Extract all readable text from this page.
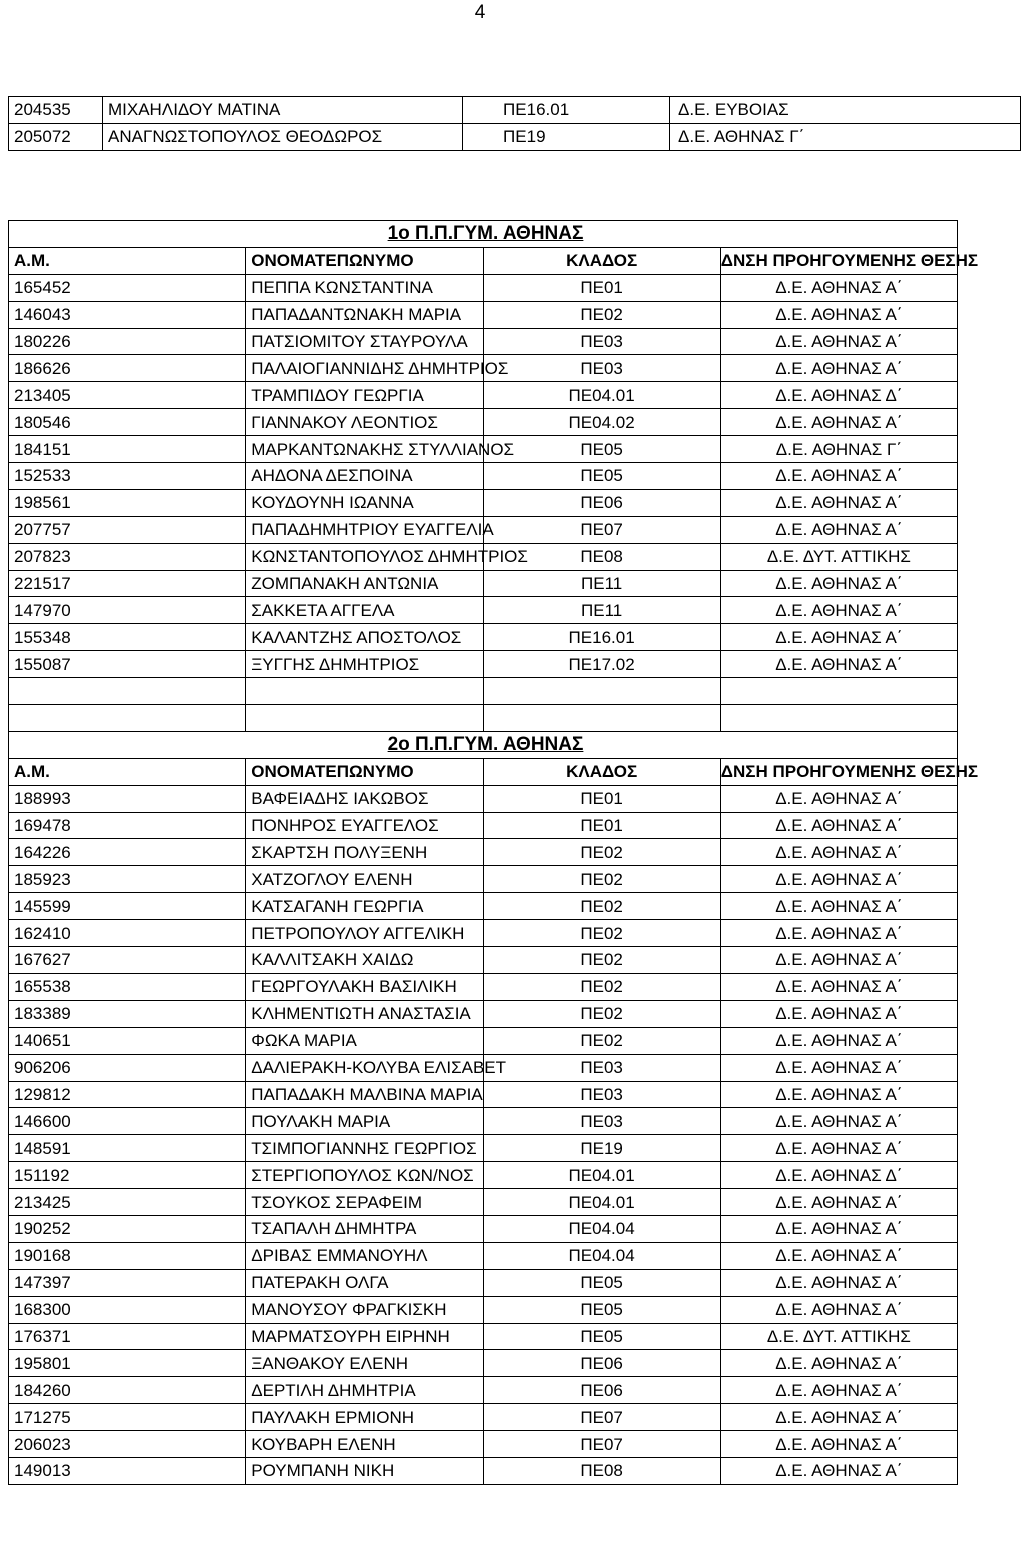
4
204535	ΜΙΧΑΗΛΙΔΟΥ ΜΑΤΙΝΑ	ΠΕ16.01	Δ.Ε. ΕΥΒΟΙΑΣ
205072	ΑΝΑΓΝΩΣΤΟΠΟΥΛΟΣ ΘΕΟΔΩΡΟΣ	ΠΕ19	Δ.Ε. ΑΘΗΝΑΣ Γ΄
1ο Π.Π.ΓΥΜ. ΑΘΗΝΑΣ			
Α.Μ.	ΟΝΟΜΑΤΕΠΩΝΥΜΟ	ΚΛΑΔΟΣ	ΔΝΣΗ ΠΡΟΗΓΟΥΜΕΝΗΣ ΘΕΣΗΣ
165452	ΠΕΠΠΑ ΚΩΝΣΤΑΝΤΙΝΑ	ΠΕ01	Δ.Ε. ΑΘΗΝΑΣ Α΄
146043	ΠΑΠΑΔΑΝΤΩΝΑΚΗ ΜΑΡΙΑ	ΠΕ02	Δ.Ε. ΑΘΗΝΑΣ Α΄
180226	ΠΑΤΣΙΟΜΙΤΟΥ ΣΤΑΥΡΟΥΛΑ	ΠΕ03	Δ.Ε. ΑΘΗΝΑΣ Α΄
186626	ΠΑΛΑΙΟΓΙΑΝΝΙΔΗΣ ΔΗΜΗΤΡΙΟΣ	ΠΕ03	Δ.Ε. ΑΘΗΝΑΣ Α΄
213405	ΤΡΑΜΠΙΔΟΥ ΓΕΩΡΓΙΑ	ΠΕ04.01	Δ.Ε. ΑΘΗΝΑΣ Δ΄
180546	ΓΙΑΝΝΑΚΟΥ ΛΕΟΝΤΙΟΣ	ΠΕ04.02	Δ.Ε. ΑΘΗΝΑΣ Α΄
184151	ΜΑΡΚΑΝΤΩΝΑΚΗΣ ΣΤΥΛΛΙΑΝΟΣ	ΠΕ05	Δ.Ε. ΑΘΗΝΑΣ Γ΄
152533	ΑΗΔΟΝΑ ΔΕΣΠΟΙΝΑ	ΠΕ05	Δ.Ε. ΑΘΗΝΑΣ Α΄
198561	ΚΟΥΔΟΥΝΗ ΙΩΑΝΝΑ	ΠΕ06	Δ.Ε. ΑΘΗΝΑΣ Α΄
207757	ΠΑΠΑΔΗΜΗΤΡΙΟΥ ΕΥΑΓΓΕΛΙΑ	ΠΕ07	Δ.Ε. ΑΘΗΝΑΣ Α΄
207823	ΚΩΝΣΤΑΝΤΟΠΟΥΛΟΣ ΔΗΜΗΤΡΙΟΣ	ΠΕ08	Δ.Ε. ΔΥΤ. ΑΤΤΙΚΗΣ
221517	ΖΟΜΠΑΝΑΚΗ ΑΝΤΩΝΙΑ	ΠΕ11	Δ.Ε. ΑΘΗΝΑΣ Α΄
147970	ΣΑΚΚΕΤΑ ΑΓΓΕΛΑ	ΠΕ11	Δ.Ε. ΑΘΗΝΑΣ Α΄
155348	ΚΑΛΑΝΤΖΗΣ ΑΠΟΣΤΟΛΟΣ	ΠΕ16.01	Δ.Ε. ΑΘΗΝΑΣ Α΄
155087	ΞΥΓΓΗΣ ΔΗΜΗΤΡΙΟΣ	ΠΕ17.02	Δ.Ε. ΑΘΗΝΑΣ Α΄

2ο Π.Π.ΓΥΜ. ΑΘΗΝΑΣ			
Α.Μ.	ΟΝΟΜΑΤΕΠΩΝΥΜΟ	ΚΛΑΔΟΣ	ΔΝΣΗ ΠΡΟΗΓΟΥΜΕΝΗΣ ΘΕΣΗΣ
188993	ΒΑΦΕΙΑΔΗΣ ΙΑΚΩΒΟΣ	ΠΕ01	Δ.Ε. ΑΘΗΝΑΣ Α΄
169478	ΠΟΝΗΡΟΣ ΕΥΑΓΓΕΛΟΣ	ΠΕ01	Δ.Ε. ΑΘΗΝΑΣ Α΄
164226	ΣΚΑΡΤΣΗ ΠΟΛΥΞΕΝΗ	ΠΕ02	Δ.Ε. ΑΘΗΝΑΣ Α΄
185923	ΧΑΤΖΟΓΛΟΥ ΕΛΕΝΗ	ΠΕ02	Δ.Ε. ΑΘΗΝΑΣ Α΄
145599	ΚΑΤΣΑΓΑΝΗ ΓΕΩΡΓΙΑ	ΠΕ02	Δ.Ε. ΑΘΗΝΑΣ Α΄
162410	ΠΕΤΡΟΠΟΥΛΟΥ ΑΓΓΕΛΙΚΗ	ΠΕ02	Δ.Ε. ΑΘΗΝΑΣ Α΄
167627	ΚΑΛΛΙΤΣΑΚΗ ΧΑΙΔΩ	ΠΕ02	Δ.Ε. ΑΘΗΝΑΣ Α΄
165538	ΓΕΩΡΓΟΥΛΑΚΗ ΒΑΣΙΛΙΚΗ	ΠΕ02	Δ.Ε. ΑΘΗΝΑΣ Α΄
183389	ΚΛΗΜΕΝΤΙΩΤΗ ΑΝΑΣΤΑΣΙΑ	ΠΕ02	Δ.Ε. ΑΘΗΝΑΣ Α΄
140651	ΦΩΚΑ ΜΑΡΙΑ	ΠΕ02	Δ.Ε. ΑΘΗΝΑΣ Α΄
906206	ΔΑΛΙΕΡΑΚΗ-ΚΟΛΥΒΑ ΕΛΙΣΑΒΕΤ	ΠΕ03	Δ.Ε. ΑΘΗΝΑΣ Α΄
129812	ΠΑΠΑΔΑΚΗ ΜΑΛΒΙΝΑ ΜΑΡΙΑ	ΠΕ03	Δ.Ε. ΑΘΗΝΑΣ Α΄
146600	ΠΟΥΛΑΚΗ ΜΑΡΙΑ	ΠΕ03	Δ.Ε. ΑΘΗΝΑΣ Α΄
148591	ΤΣΙΜΠΟΓΙΑΝΝΗΣ ΓΕΩΡΓΙΟΣ	ΠΕ19	Δ.Ε. ΑΘΗΝΑΣ Α΄
151192	ΣΤΕΡΓΙΟΠΟΥΛΟΣ ΚΩΝ/ΝΟΣ	ΠΕ04.01	Δ.Ε. ΑΘΗΝΑΣ Δ΄
213425	ΤΣΟΥΚΟΣ ΣΕΡΑΦΕΙΜ	ΠΕ04.01	Δ.Ε. ΑΘΗΝΑΣ Α΄
190252	ΤΣΑΠΑΛΗ ΔΗΜΗΤΡΑ	ΠΕ04.04	Δ.Ε. ΑΘΗΝΑΣ Α΄
190168	ΔΡΙΒΑΣ ΕΜΜΑΝΟΥΗΛ	ΠΕ04.04	Δ.Ε. ΑΘΗΝΑΣ Α΄
147397	ΠΑΤΕΡΑΚΗ ΟΛΓΑ	ΠΕ05	Δ.Ε. ΑΘΗΝΑΣ Α΄
168300	ΜΑΝΟΥΣΟΥ ΦΡΑΓΚΙΣΚΗ	ΠΕ05	Δ.Ε. ΑΘΗΝΑΣ Α΄
176371	ΜΑΡΜΑΤΣΟΥΡΗ ΕΙΡΗΝΗ	ΠΕ05	Δ.Ε. ΔΥΤ. ΑΤΤΙΚΗΣ
195801	ΞΑΝΘΑΚΟΥ ΕΛΕΝΗ	ΠΕ06	Δ.Ε. ΑΘΗΝΑΣ Α΄
184260	ΔΕΡΤΙΛΗ ΔΗΜΗΤΡΙΑ	ΠΕ06	Δ.Ε. ΑΘΗΝΑΣ Α΄
171275	ΠΑΥΛΑΚΗ ΕΡΜΙΟΝΗ	ΠΕ07	Δ.Ε. ΑΘΗΝΑΣ Α΄
206023	ΚΟΥΒΑΡΗ ΕΛΕΝΗ	ΠΕ07	Δ.Ε. ΑΘΗΝΑΣ Α΄
149013	ΡΟΥΜΠΑΝΗ ΝΙΚΗ	ΠΕ08	Δ.Ε. ΑΘΗΝΑΣ Α΄
